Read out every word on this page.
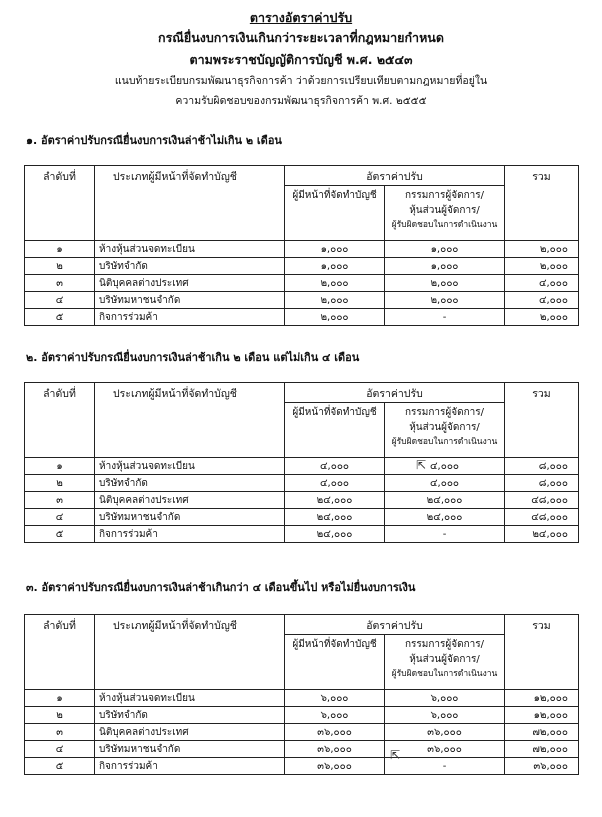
ตารางอัตราค่าปรับ
กรณียื่นงบการเงินเกินกว่าระยะเวลาที่กฎหมายกำหนด
ตามพระราชบัญญัติการบัญชี พ.ศ. ๒๕๔๓
แนบท้ายระเบียบกรมพัฒนาธุรกิจการค้า ว่าด้วยการเปรียบเทียบตามกฎหมายที่อยู่ใน
ความรับผิดชอบของกรมพัฒนาธุรกิจการค้า พ.ศ. ๒๕๕๕
๑. อัตราค่าปรับกรณียื่นงบการเงินล่าช้าไม่เกิน ๒ เดือน
ลำดับที่	ประเภทผู้มีหน้าที่จัดทำบัญชี	อัตราค่าปรับ		รวม

		ผู้มีหน้าที่จัดทำบัญชี	กรรมการผู้จัดการ/
หุ้นส่วนผู้จัดการ/
ผู้รับผิดชอบในการดำเนินงาน	

๑	ห้างหุ้นส่วนจดทะเบียน	๑,๐๐๐	๑,๐๐๐	๒,๐๐๐
๒	บริษัทจำกัด	๑,๐๐๐	๑,๐๐๐	๒,๐๐๐
๓	นิติบุคคลต่างประเทศ	๒,๐๐๐	๒,๐๐๐	๔,๐๐๐
๔	บริษัทมหาชนจำกัด	๒,๐๐๐	๒,๐๐๐	๔,๐๐๐
๕	กิจการร่วมค้า	๒,๐๐๐	-	๒,๐๐๐
๒. อัตราค่าปรับกรณียื่นงบการเงินล่าช้าเกิน ๒ เดือน แต่ไม่เกิน ๔ เดือน
ลำดับที่	ประเภทผู้มีหน้าที่จัดทำบัญชี	อัตราค่าปรับ		รวม

		ผู้มีหน้าที่จัดทำบัญชี	กรรมการผู้จัดการ/
หุ้นส่วนผู้จัดการ/
ผู้รับผิดชอบในการดำเนินงาน	

๑	ห้างหุ้นส่วนจดทะเบียน	๔,๐๐๐	๔,๐๐๐	๘,๐๐๐
๒	บริษัทจำกัด	๔,๐๐๐	๔,๐๐๐	๘,๐๐๐
๓	นิติบุคคลต่างประเทศ	๒๔,๐๐๐	๒๔,๐๐๐	๔๘,๐๐๐
๔	บริษัทมหาชนจำกัด	๒๔,๐๐๐	๒๔,๐๐๐	๔๘,๐๐๐
๕	กิจการร่วมค้า	๒๔,๐๐๐	-	๒๔,๐๐๐
๓. อัตราค่าปรับกรณียื่นงบการเงินล่าช้าเกินกว่า ๔ เดือนขึ้นไป หรือไม่ยื่นงบการเงิน
ลำดับที่	ประเภทผู้มีหน้าที่จัดทำบัญชี	อัตราค่าปรับ		รวม

		ผู้มีหน้าที่จัดทำบัญชี	กรรมการผู้จัดการ/
หุ้นส่วนผู้จัดการ/
ผู้รับผิดชอบในการดำเนินงาน	

๑	ห้างหุ้นส่วนจดทะเบียน	๖,๐๐๐	๖,๐๐๐	๑๒,๐๐๐
๒	บริษัทจำกัด	๖,๐๐๐	๖,๐๐๐	๑๒,๐๐๐
๓	นิติบุคคลต่างประเทศ	๓๖,๐๐๐	๓๖,๐๐๐	๗๒,๐๐๐
๔	บริษัทมหาชนจำกัด	๓๖,๐๐๐	๓๖,๐๐๐	๗๒,๐๐๐
๕	กิจการร่วมค้า	๓๖,๐๐๐	-	๓๖,๐๐๐
⇱
⇱
